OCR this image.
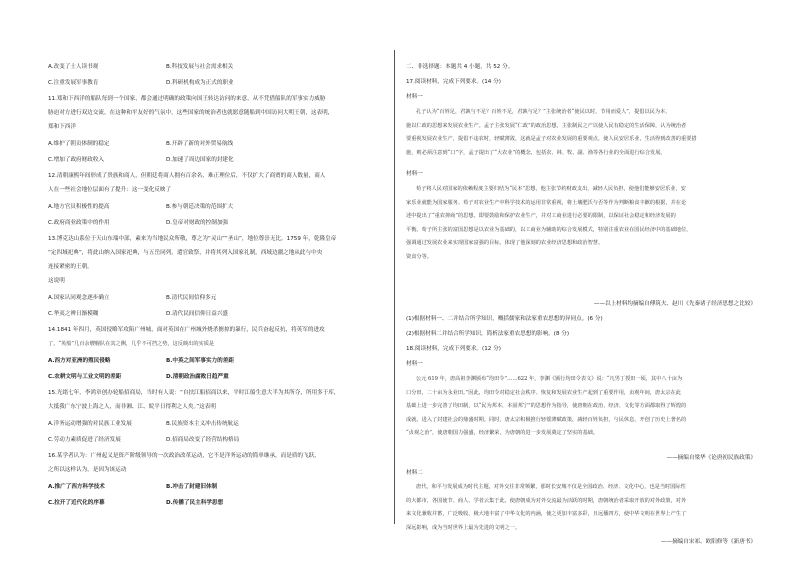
A.改变了士人读书观	B.科技发展与社会需求相关
C.注重发展军事教育	D.科研机构成为正式的职业
11.郑和下西洋的船队每到一个国家，都会通过明确的政策向国王转达访问的来意，从不凭借船队的军事实力威胁
胁迫对方进行双边交流，在这种和平友好的气氛中，这些国家的统治者也就愿意随船到中国访问大明王朝，这表明，
郑和下西洋
A.维护了朝贡体制的稳定	B.开辟了新的对外贸易航线
C.增加了政府财政收入	D.加速了周边国家的封建化
12.清朝康熙年间形成了贵族和商人，但朝廷将商人拥有百余名，难正理位后，不仅扩大了商贾的商人数量，商人
人在一些社会地位层面有了提升：这一变化反映了
A.地方官员积极性的提高	B.参与朝廷决策的范围扩大
C.政府商业政策中的作用	D.皇帝对财政的控制加强
13.博克达山系位于天山东端中部，素来为当地民众所敬，尊之为“灵山”“圣山”，地位尊崇无比。1759 年，乾隆皇帝
“定四域祀典”，将此山纳入国家祀典，与五岳同列，遣官致祭，并将其列入国家礼制，西域边疆之地从此与中央
连接紧密的王朝。
这说明
A.国家认同观念逐步确立	B.清代民间信仰多元
C.华夷之辨日渐模糊	D.清代民间信仰日益兴盛
14.1841 年四月，英国侵略军攻陷广州城，面对英国在广州城外烧杀掳掠的暴行，民兵奋起反抗，将英军的进攻
了，“英船”几百余艘舰队在其之侧，几乎不可挡之势，这反映出的实质是
A.西方对亚洲的殖民侵略	B.中英之间军事实力的差距
C.农耕文明与工业文明的差距	D.清朝政治腐败日趋严重
15.光绪七年，李鸿章创办轮船招商局，当时有人说：“自扶江船招商以来，平时江船生意大半为其所夺，所用多于库，
大抵我广东宁波上海之人，而非湘、江、皖平日得利之人矣。”这表明
A.洋务运动增强的对民族工业发展	B.民族资本主义冲击传统航运
C.劳动力素质促进了经济发展	D.招商局改变了经营结构格局
16.某学者认为：广州起义是资产阶级领导的一次政治改革运动，它不是洋务运动的简单继承，而是质的飞跃，
之所以这样认为，是因为该运动
A.推广了西方科学技术	B.冲击了封建旧体制
C.拉开了近代化的序幕	D.传播了民主科学思想
二、非选择题：本题共 4 小题，共 52 分。
17.阅读材料，完成下列要求。(14 分)
材料一
孔子认为“百姓足，君孰与不足？百姓不足，君孰与足？”主张统治者“使民以时，节用而爱人”，提倡以民为本，
施以仁政的思想来发展农业生产。孟子主张发展“仁政”的政治思想，主张制民之产以使人民有稳定的生活保障，认为统治者
要重视发展农业生产，提倡不违农时，轻赋薄敛，这就是孟子对农业发展的重要观点，使人民安居乐业，生活得到改善的重要措
施，则必须注意到“口”字，孟子提出了“大农业”的概念，包括农、林、牧、副、渔等各行业的全面进行综合发展。
材料一
荀子将人民对国家的依赖程度主要归结为“民本”思想，他主张节约财政支出，减轻人民负担，使他们能够安居乐业，安
家乐业就能为国家服务。荀子对农业生产中科学技术的运用非常重视，将土壤肥沃与否等作为判断粮食丰歉的根据，并在论
述中提出了“重农抑商”的思想，即要鼓励和保护农业生产，并对工商业进行必要的限制，以保证社会稳定和经济发展的
平衡。荀子所主张的富国思想是以农业为基础的，以工商业为辅助的综合发展模式，特别注重农业在国民经济中的基础地位，
强调通过发展农业来实现国家富强的目标，体现了他深刻的农业经济思想和政治智慧。
资食分等。
——以上材料均摘编自傅筑夫、赵川《先秦诸子经济思想之比较》
(1)根据材料一、二并结合所学知识，概括儒家和法家重农思想的异同点。(6 分)
(2)根据材料二并结合所学知识，简析法家重农思想的影响。(8 分)
18.阅读材料，完成下列要求。(12 分)
材料一
公元 619 年，唐高祖李渊颁布“均田令”……622 年，李渊《颁行均田令表文》说：“凡男丁授田一顷，其中八十亩为
口分田，二十亩为永业田。”因此，均田令对稳定社会秩序、恢复和发展农业生产起到了重要作用，贞观年间，唐太宗在此
基础上进一步完善了均田制，以“民为邦本，本固邦宁”的思想作为指导，使唐朝在政治、经济、文化等方面都取得了辉煌的
成就，进入了封建社会的鼎盛时期。同时，唐太宗积极推行轻徭薄赋政策，减轻百姓负担，与民休息，开创了历史上著名的
“贞观之治”，使唐朝国力强盛，经济繁荣，为唐朝的进一步发展奠定了坚实的基础。
——摘编自梁华《论唐初民族政策》
材料二
唐代，和平与发展成为时代主题，对外交往非常频繁，那时长安城不仅是全国政治、经济、文化中心，也是当时国际性
的大都市，各国使节、商人、学者云集于此，使唐朝成为对外交流最为活跃的时期，唐朝统治者采取开放的对外政策，对外
来文化兼收并蓄，广泛吸收，极大地丰富了中华文化的内涵，使之更加丰富多彩，且远播四方，使中华文明在世界上产生了
深远影响，成为当时世界上最为先进的文明之一。
——摘编自宋祁、欧阳修等《新唐书》
